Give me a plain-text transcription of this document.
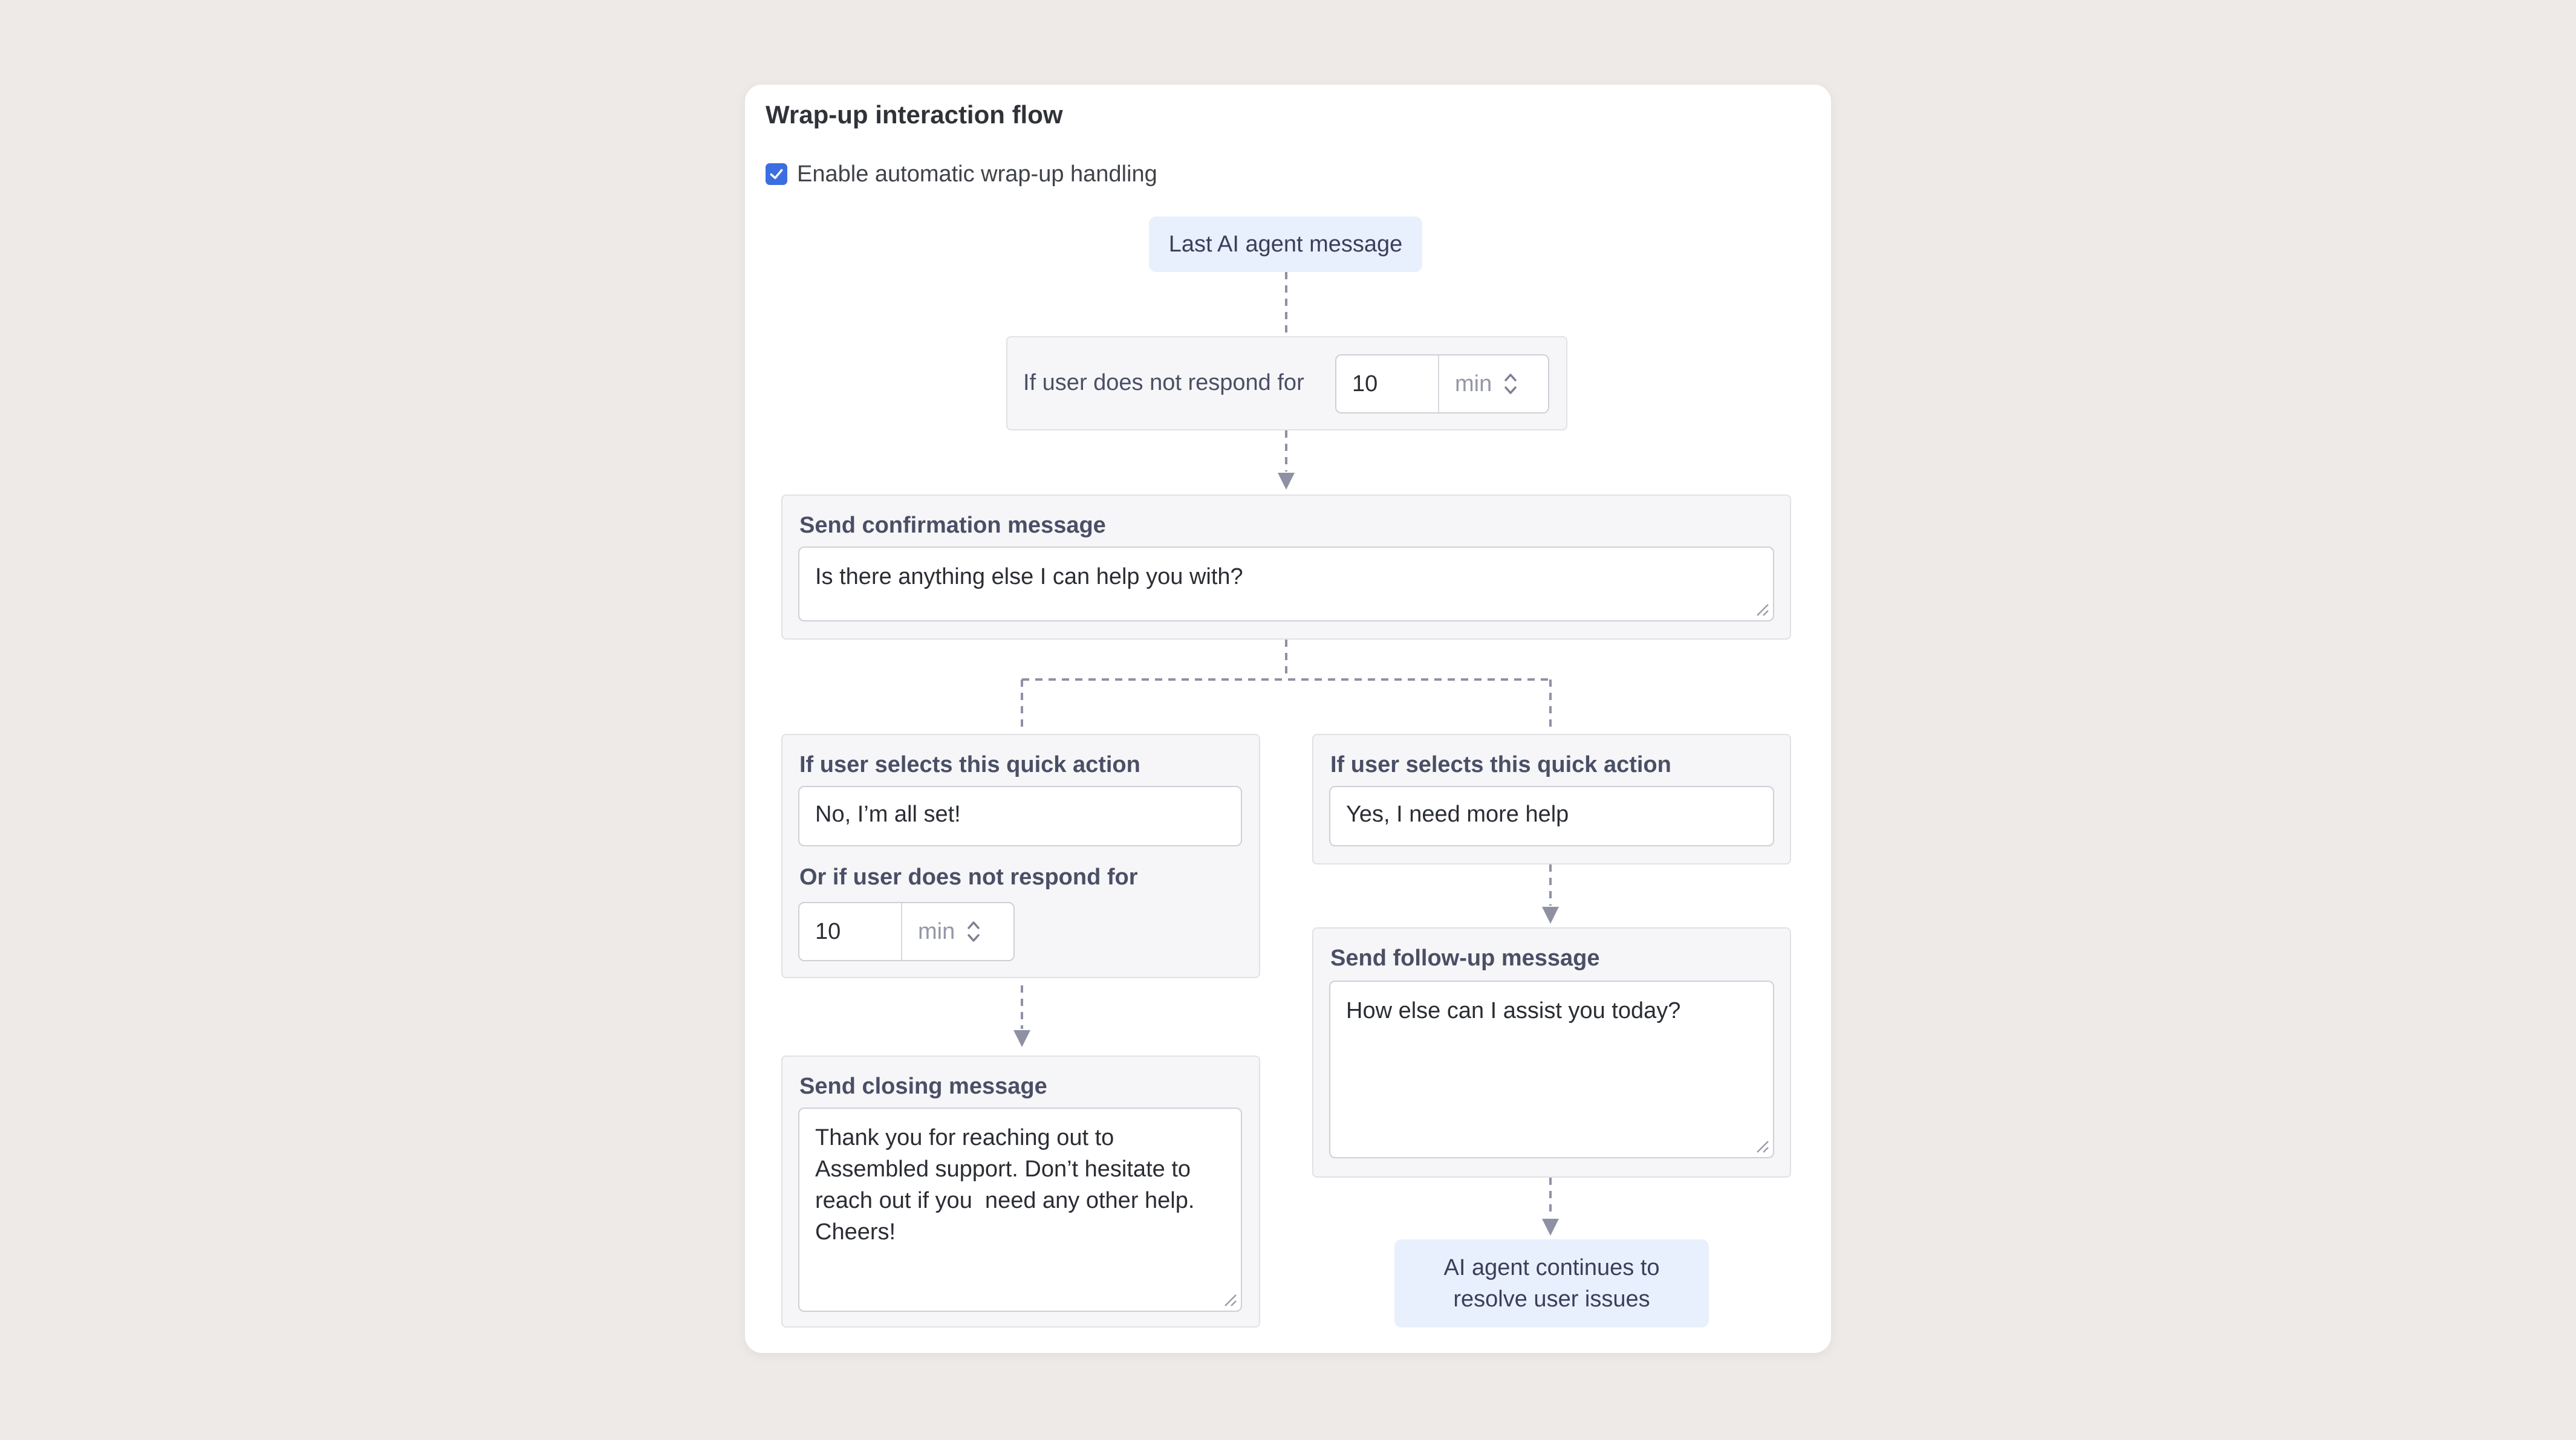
Wrap-up interaction flow
Enable automatic wrap-up handling
Last AI agent message
If user does not respond for	10	min
Send confirmation message
Is there anything else I can help you with?
If user selects this quick action
No, I’m all set!
Or if user does not respond for
10	min
Send closing message
Thank you for reaching out to
Assembled support. Don’t hesitate to
reach out if you  need any other help.
Cheers!
If user selects this quick action
Yes, I need more help
Send follow-up message
How else can I assist you today?
AI agent continues to
resolve user issues
